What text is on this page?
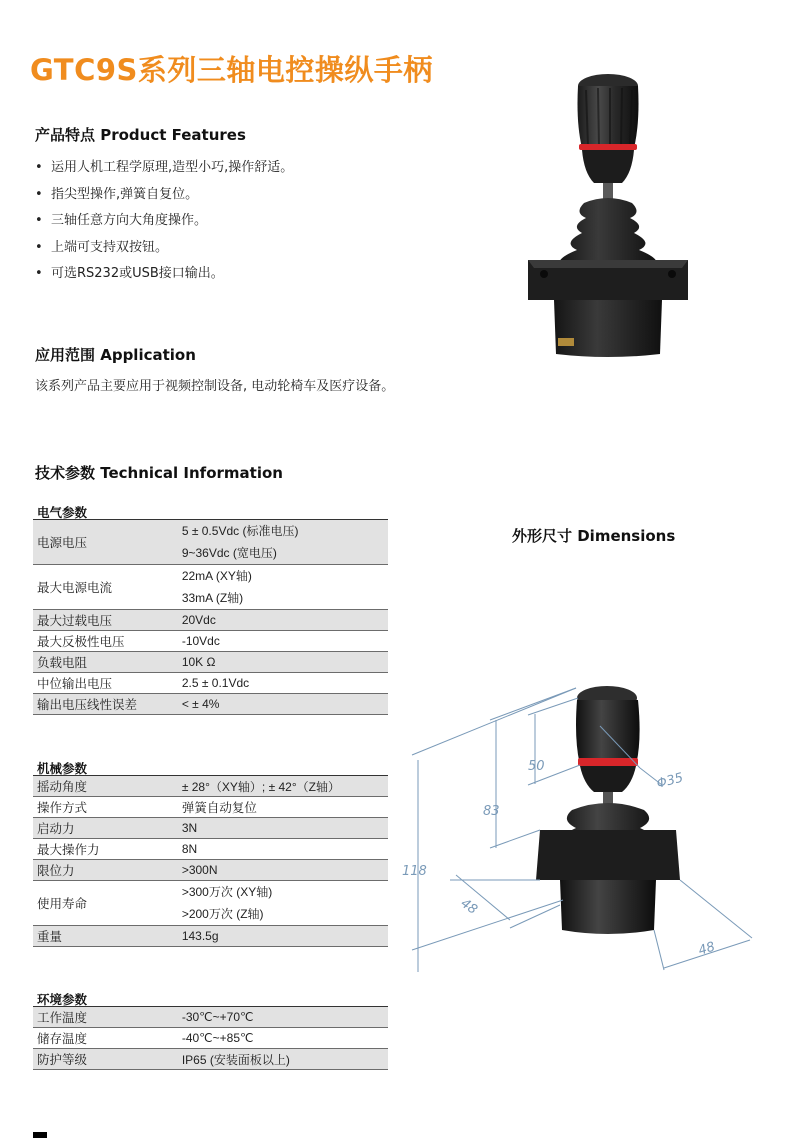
GTC9S系列三轴电控操纵手柄
产品特点 Product Features
• 运用人机工程学原理,造型小巧,操作舒适。
• 指尖型操作,弹簧自复位。
• 三轴任意方向大角度操作。
• 上端可支持双按钮。
• 可选RS232或USB接口输出。
应用范围 Application
该系列产品主要应用于视频控制设备, 电动轮椅车及医疗设备。
技术参数 Technical Information
电气参数
电源电压	5 ± 0.5Vdc (标准电压)
9~36Vdc (宽电压)

最大电源电流	22mA (XY轴)
33mA (Z轴)

最大过载电压	20Vdc
最大反极性电压	-10Vdc
负载电阻	10K Ω
中位输出电压	2.5 ± 0.1Vdc
输出电压线性误差	< ± 4%
机械参数
摇动角度	± 28°（XY轴）; ± 42°（Z轴）
操作方式	弹簧自动复位
启动力	3N
最大操作力	8N
限位力	>300N
使用寿命	>300万次 (XY轴)
>200万次 (Z轴)

重量	143.5g
环境参数
工作温度	-30℃~+70℃
储存温度	-40℃~+85℃
防护等级	IP65 (安装面板以上)
外形尺寸 Dimensions
50
83
118
48
48
Φ35
